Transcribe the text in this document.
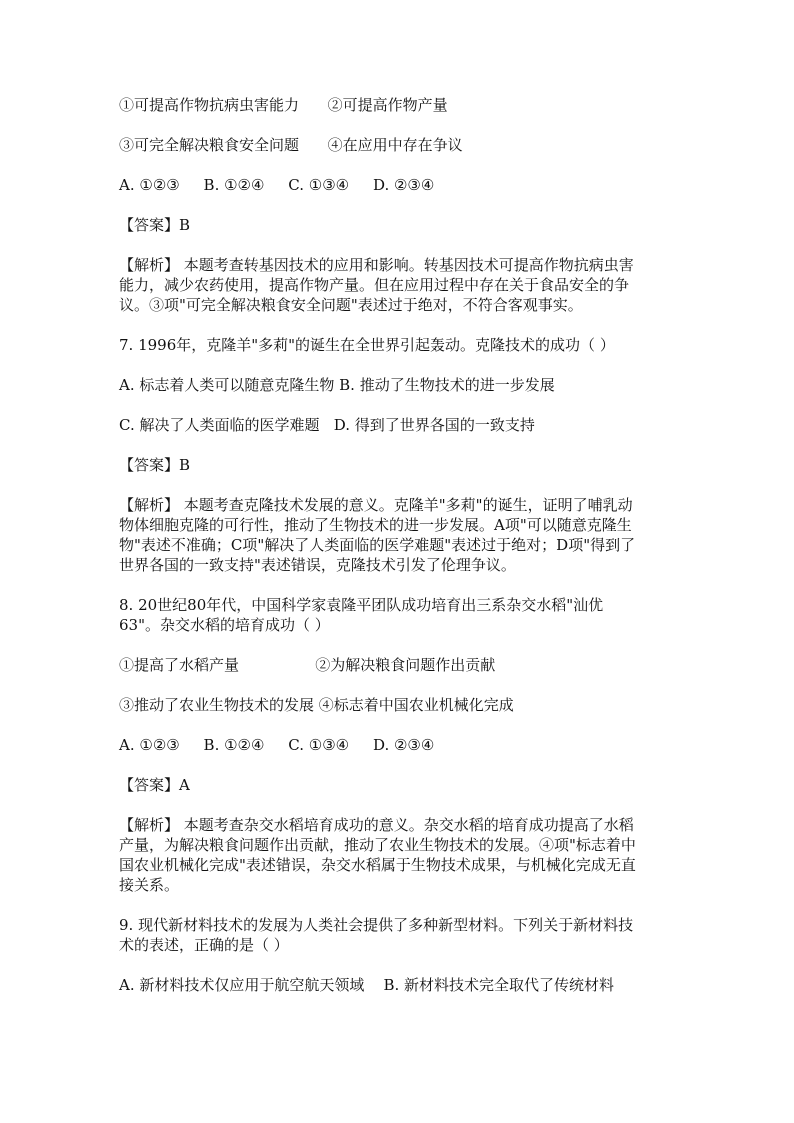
①可提高作物抗病虫害能力      ②可提高作物产量
③可完全解决粮食安全问题      ④在应用中存在争议
A. ①②③     B. ①②④     C. ①③④     D. ②③④
【答案】B
【解析】 本题考查转基因技术的应用和影响。转基因技术可提高作物抗病虫害
能力，减少农药使用，提高作物产量。但在应用过程中存在关于食品安全的争
议。③项"可完全解决粮食安全问题"表述过于绝对，不符合客观事实。
7. 1996年，克隆羊"多莉"的诞生在全世界引起轰动。克隆技术的成功（ ）
A. 标志着人类可以随意克隆生物 B. 推动了生物技术的进一步发展
C. 解决了人类面临的医学难题   D. 得到了世界各国的一致支持
【答案】B
【解析】 本题考查克隆技术发展的意义。克隆羊"多莉"的诞生，证明了哺乳动
物体细胞克隆的可行性，推动了生物技术的进一步发展。A项"可以随意克隆生
物"表述不准确；C项"解决了人类面临的医学难题"表述过于绝对；D项"得到了
世界各国的一致支持"表述错误，克隆技术引发了伦理争议。
8. 20世纪80年代，中国科学家袁隆平团队成功培育出三系杂交水稻"汕优
63"。杂交水稻的培育成功（ ）
①提高了水稻产量                ②为解决粮食问题作出贡献
③推动了农业生物技术的发展 ④标志着中国农业机械化完成
A. ①②③     B. ①②④     C. ①③④     D. ②③④
【答案】A
【解析】 本题考查杂交水稻培育成功的意义。杂交水稻的培育成功提高了水稻
产量，为解决粮食问题作出贡献，推动了农业生物技术的发展。④项"标志着中
国农业机械化完成"表述错误，杂交水稻属于生物技术成果，与机械化完成无直
接关系。
9. 现代新材料技术的发展为人类社会提供了多种新型材料。下列关于新材料技
术的表述，正确的是（ ）
A. 新材料技术仅应用于航空航天领域    B. 新材料技术完全取代了传统材料
